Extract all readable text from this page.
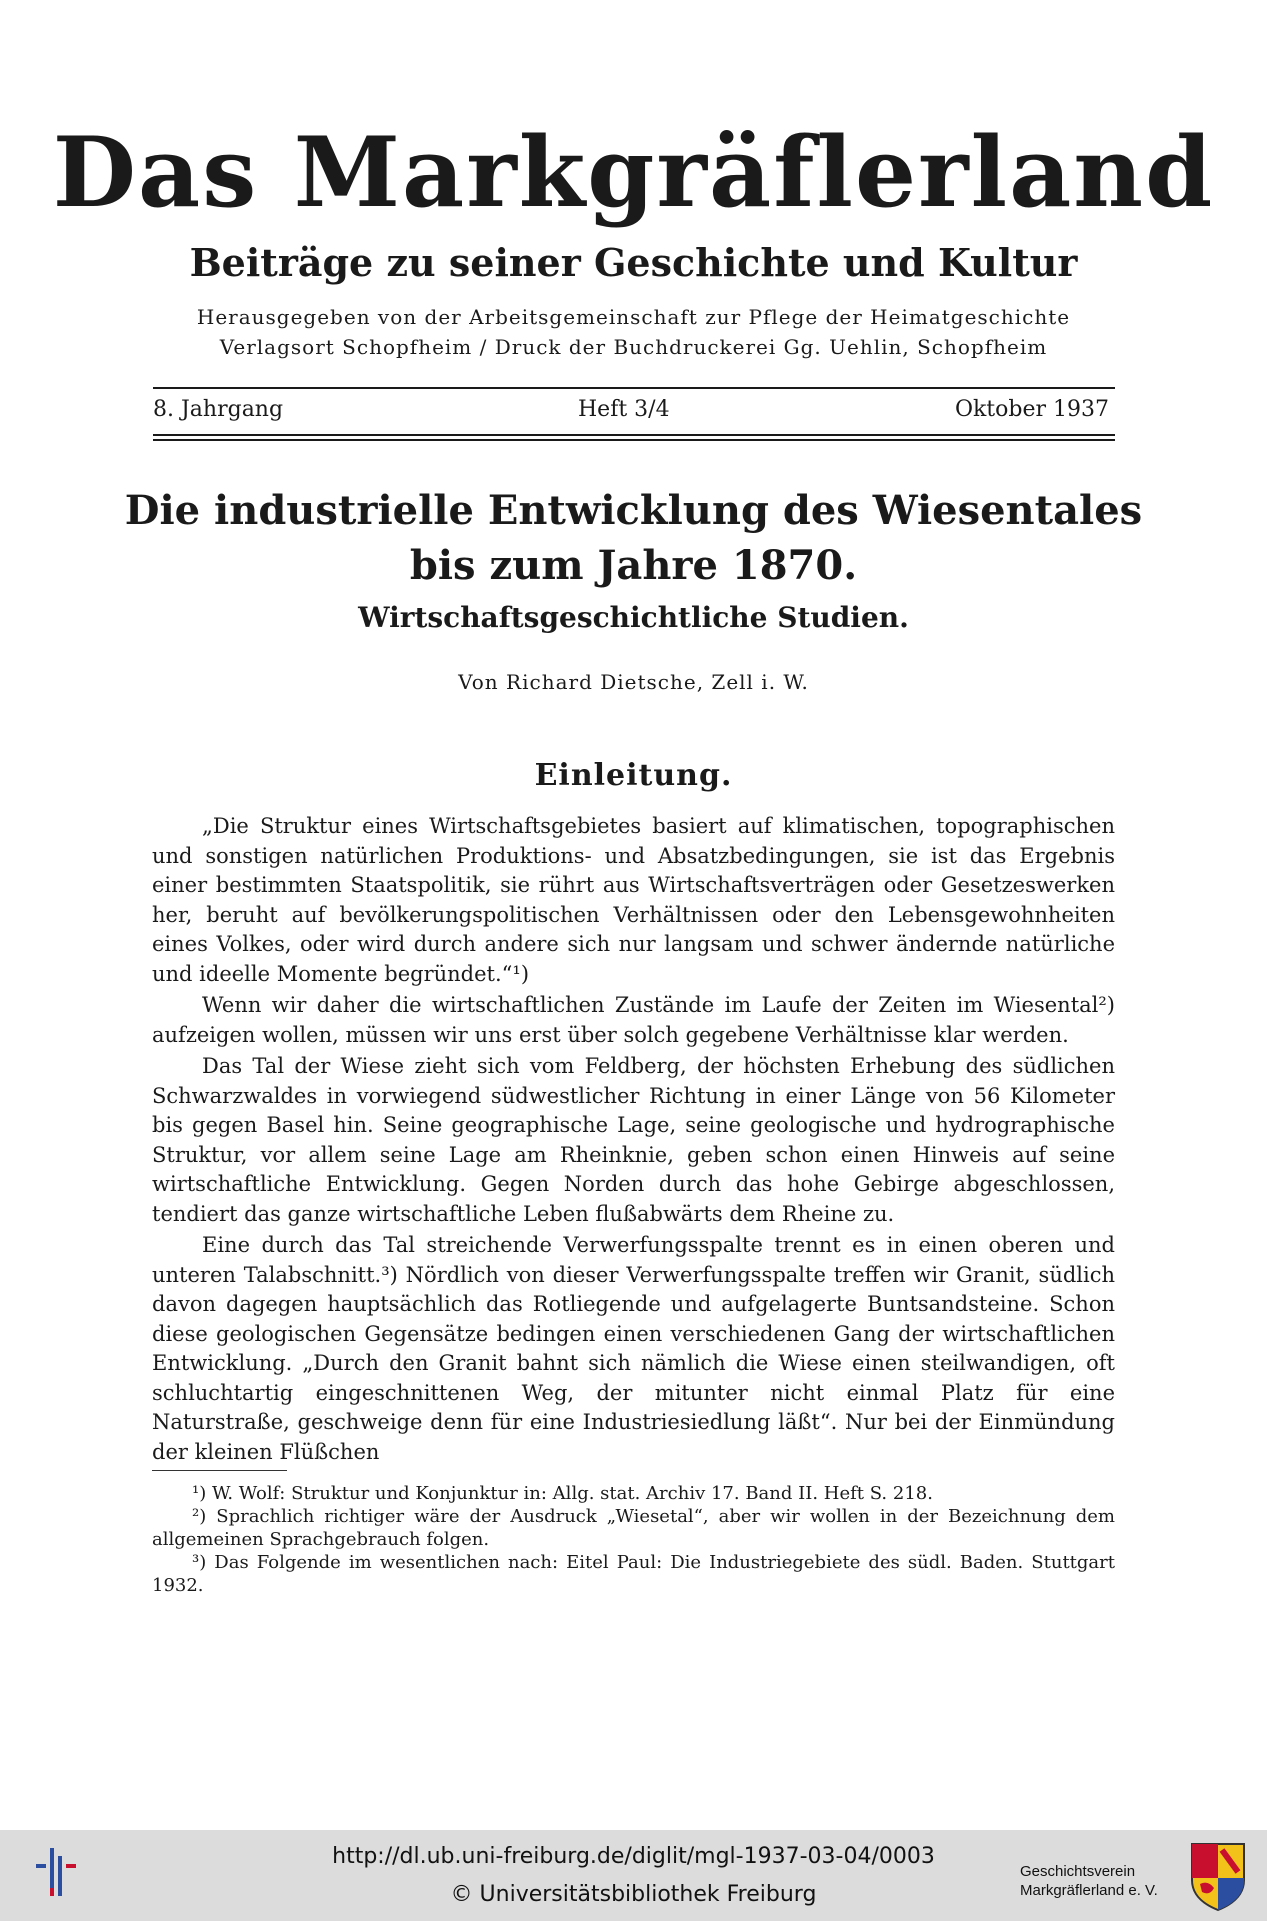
Das Markgräflerland
Beiträge zu seiner Geschichte und Kultur
Herausgegeben von der Arbeitsgemeinschaft zur Pflege der Heimatgeschichte
Verlagsort Schopfheim / Druck der Buchdruckerei Gg. Uehlin, Schopfheim
8. Jahrgang	Heft 3/4	Oktober 1937
Die industrielle Entwicklung des Wiesentales
bis zum Jahre 1870.
Wirtschaftsgeschichtliche Studien.
Von Richard Dietsche, Zell i. W.
Einleitung.

„Die Struktur eines Wirtschaftsgebietes basiert auf klimatischen, topographischen und sonstigen natürlichen Produktions- und Absatzbedingungen, sie ist das Ergebnis einer bestimmten Staatspolitik, sie rührt aus Wirtschaftsverträgen oder Gesetzeswerken her, beruht auf bevölkerungspolitischen Verhältnissen oder den Lebensgewohnheiten eines Volkes, oder wird durch andere sich nur langsam und schwer ändernde natürliche und ideelle Momente begründet.“¹)

Wenn wir daher die wirtschaftlichen Zustände im Laufe der Zeiten im Wiesental²) aufzeigen wollen, müssen wir uns erst über solch gegebene Verhältnisse klar werden.

Das Tal der Wiese zieht sich vom Feldberg, der höchsten Erhebung des südlichen Schwarzwaldes in vorwiegend südwestlicher Richtung in einer Länge von 56 Kilometer bis gegen Basel hin. Seine geographische Lage, seine geologische und hydrographische Struktur, vor allem seine Lage am Rheinknie, geben schon einen Hinweis auf seine wirtschaftliche Entwicklung. Gegen Norden durch das hohe Gebirge abgeschlossen, tendiert das ganze wirtschaftliche Leben flußabwärts dem Rheine zu.

Eine durch das Tal streichende Verwerfungsspalte trennt es in einen oberen und unteren Talabschnitt.³) Nördlich von dieser Verwerfungsspalte treffen wir Granit, südlich davon dagegen hauptsächlich das Rotliegende und aufgelagerte Buntsandsteine. Schon diese geologischen Gegensätze bedingen einen verschiedenen Gang der wirtschaftlichen Entwicklung. „Durch den Granit bahnt sich nämlich die Wiese einen steilwandigen, oft schluchtartig eingeschnittenen Weg, der mitunter nicht einmal Platz für eine Naturstraße, geschweige denn für eine Industriesiedlung läßt“. Nur bei der Einmündung der kleinen Flüßchen

¹) W. Wolf: Struktur und Konjunktur in: Allg. stat. Archiv 17. Band II. Heft S. 218.

²) Sprachlich richtiger wäre der Ausdruck „Wiesetal“, aber wir wollen in der Bezeichnung dem allgemeinen Sprachgebrauch folgen.

³) Das Folgende im wesentlichen nach: Eitel Paul: Die Industriegebiete des südl. Baden. Stuttgart 1932.

http://dl.ub.uni-freiburg.de/diglit/mgl-1937-03-04/0003
© Universitätsbibliothek Freiburg
Geschichtsverein
Markgräflerland e. V.
